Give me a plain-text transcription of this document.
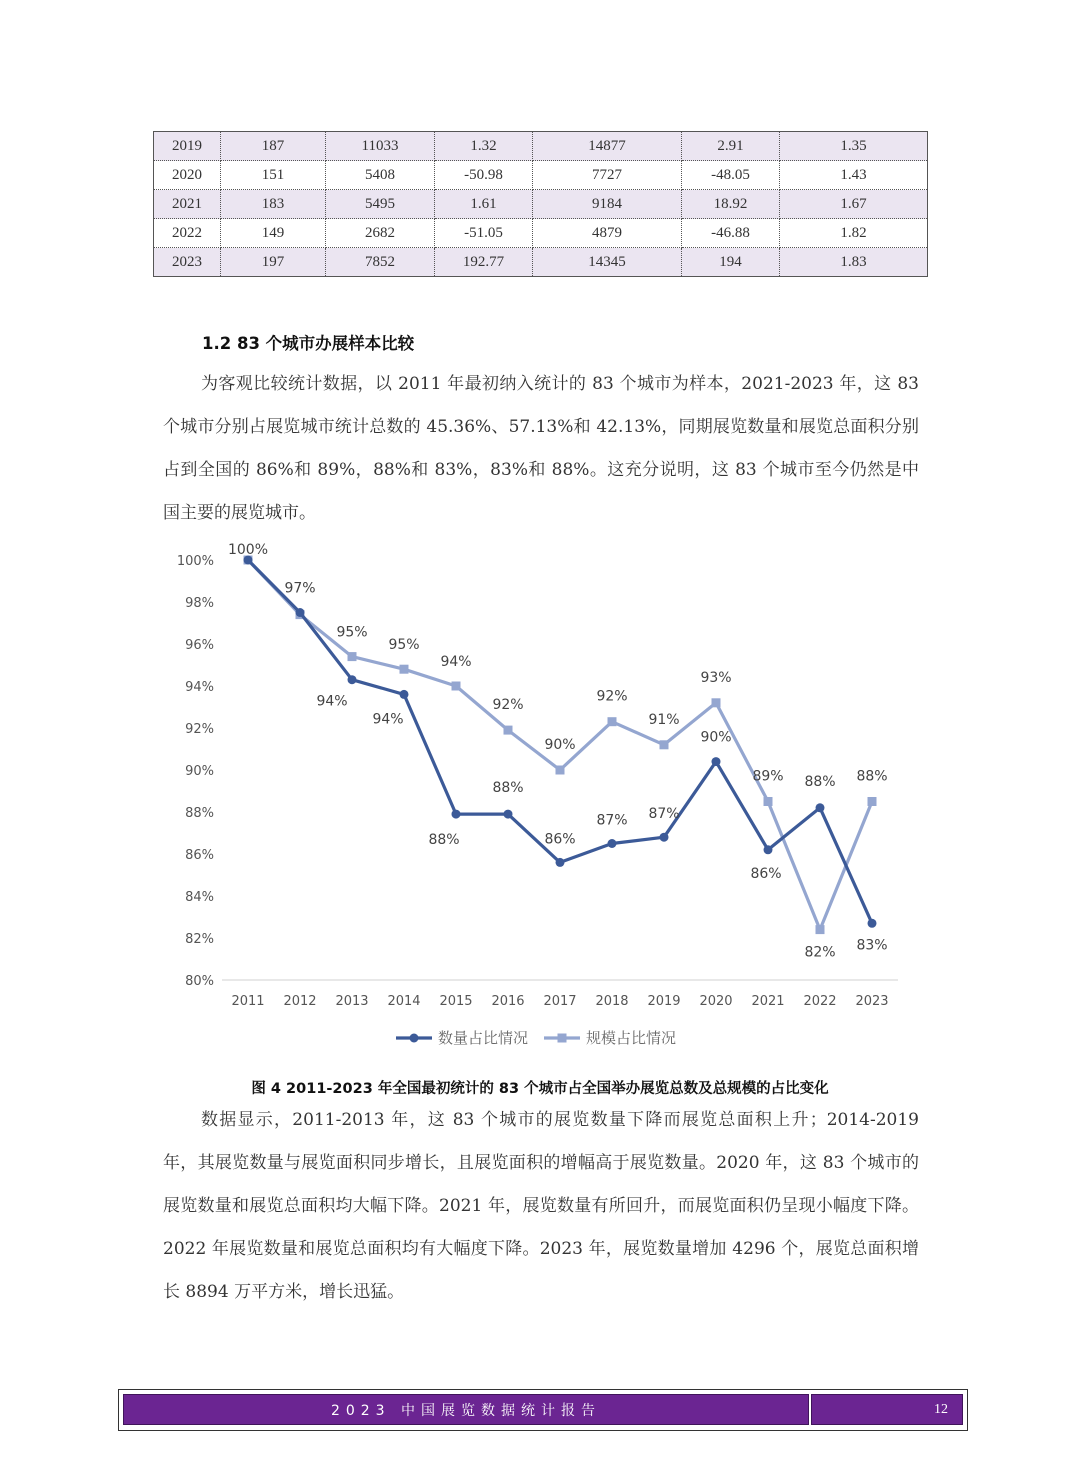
2019	187	11033	1.32	14877	2.91	1.35
2020	151	5408	-50.98	7727	-48.05	1.43
2021	183	5495	1.61	9184	18.92	1.67
2022	149	2682	-51.05	4879	-46.88	1.82
2023	197	7852	192.77	14345	194	1.83
1.2 83 个城市办展样本比较

为客观比较统计数据，以 2011 年最初纳入统计的 83 个城市为样本，2021-2023 年，这 83 个城市分别占展览城市统计总数的 45.36%、57.13%和 42.13%，同期展览数量和展览总面积分别占到全国的 86%和 89%，88%和 83%，83%和 88%。这充分说明，这 83 个城市至今仍然是中国主要的展览城市。

80%
82%
84%
86%
88%
90%
92%
94%
96%
98%
100%
2011 2012 2013 2014 2015 2016 2017 2018 2019 2020 2021 2022 2023
94%
94%
88%
88%
86%
87% 87%
90%
86%
88%
83%
100%
97%
95%
95%
94%
92%
90%
92%
91%
93%
89%
82%
88%
数量占比情况	规模占比情况

图 4 2011-2023 年全国最初统计的 83 个城市占全国举办展览总数及总规模的占比变化

数据显示，2011-2013 年，这 83 个城市的展览数量下降而展览总面积上升；2014-2019 年，其展览数量与展览面积同步增长，且展览面积的增幅高于展览数量。2020 年，这 83 个城市的展览数量和展览总面积均大幅下降。2021 年，展览数量有所回升，而展览面积仍呈现小幅度下降。2022 年展览数量和展览总面积均有大幅度下降。2023 年，展览数量增加 4296 个，展览总面积增长 8894 万平方米，增长迅猛。

2023 中国展览数据统计报告	12
